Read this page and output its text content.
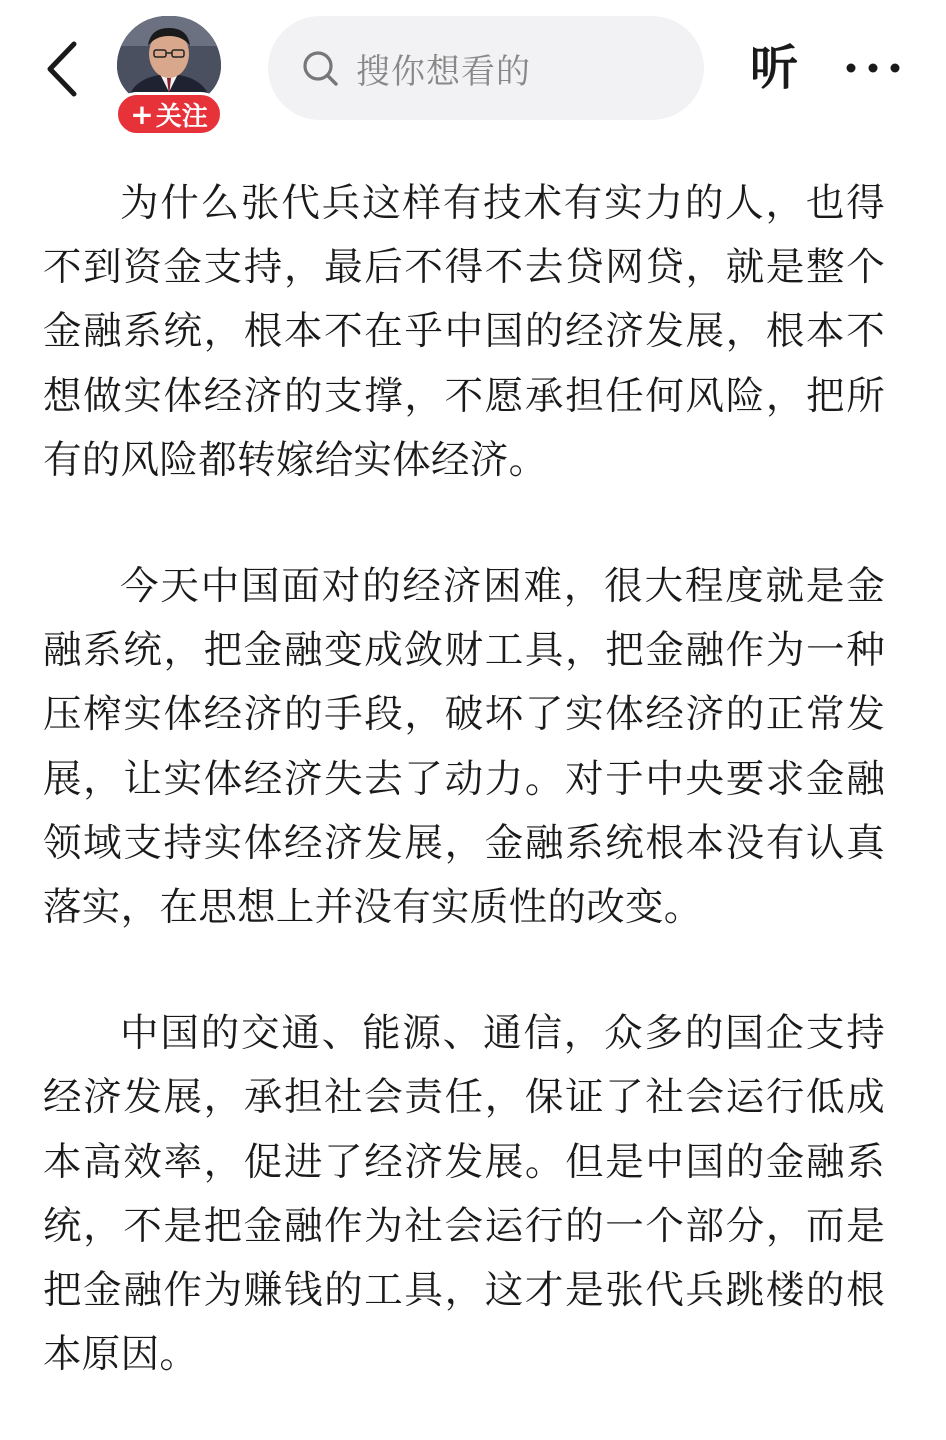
+ 关注
搜你想看的	听

为什么张代兵这样有技术有实力的人，也得不到资金支持，最后不得不去贷网贷，就是整个金融系统，根本不在乎中国的经济发展，根本不想做实体经济的支撑，不愿承担任何风险，把所有的风险都转嫁给实体经济。

今天中国面对的经济困难，很大程度就是金融系统，把金融变成敛财工具，把金融作为一种压榨实体经济的手段，破坏了实体经济的正常发展，让实体经济失去了动力。对于中央要求金融领域支持实体经济发展，金融系统根本没有认真落实，在思想上并没有实质性的改变。

中国的交通、能源、通信，众多的国企支持经济发展，承担社会责任，保证了社会运行低成本高效率，促进了经济发展。但是中国的金融系统，不是把金融作为社会运行的一个部分，而是把金融作为赚钱的工具，这才是张代兵跳楼的根本原因。
